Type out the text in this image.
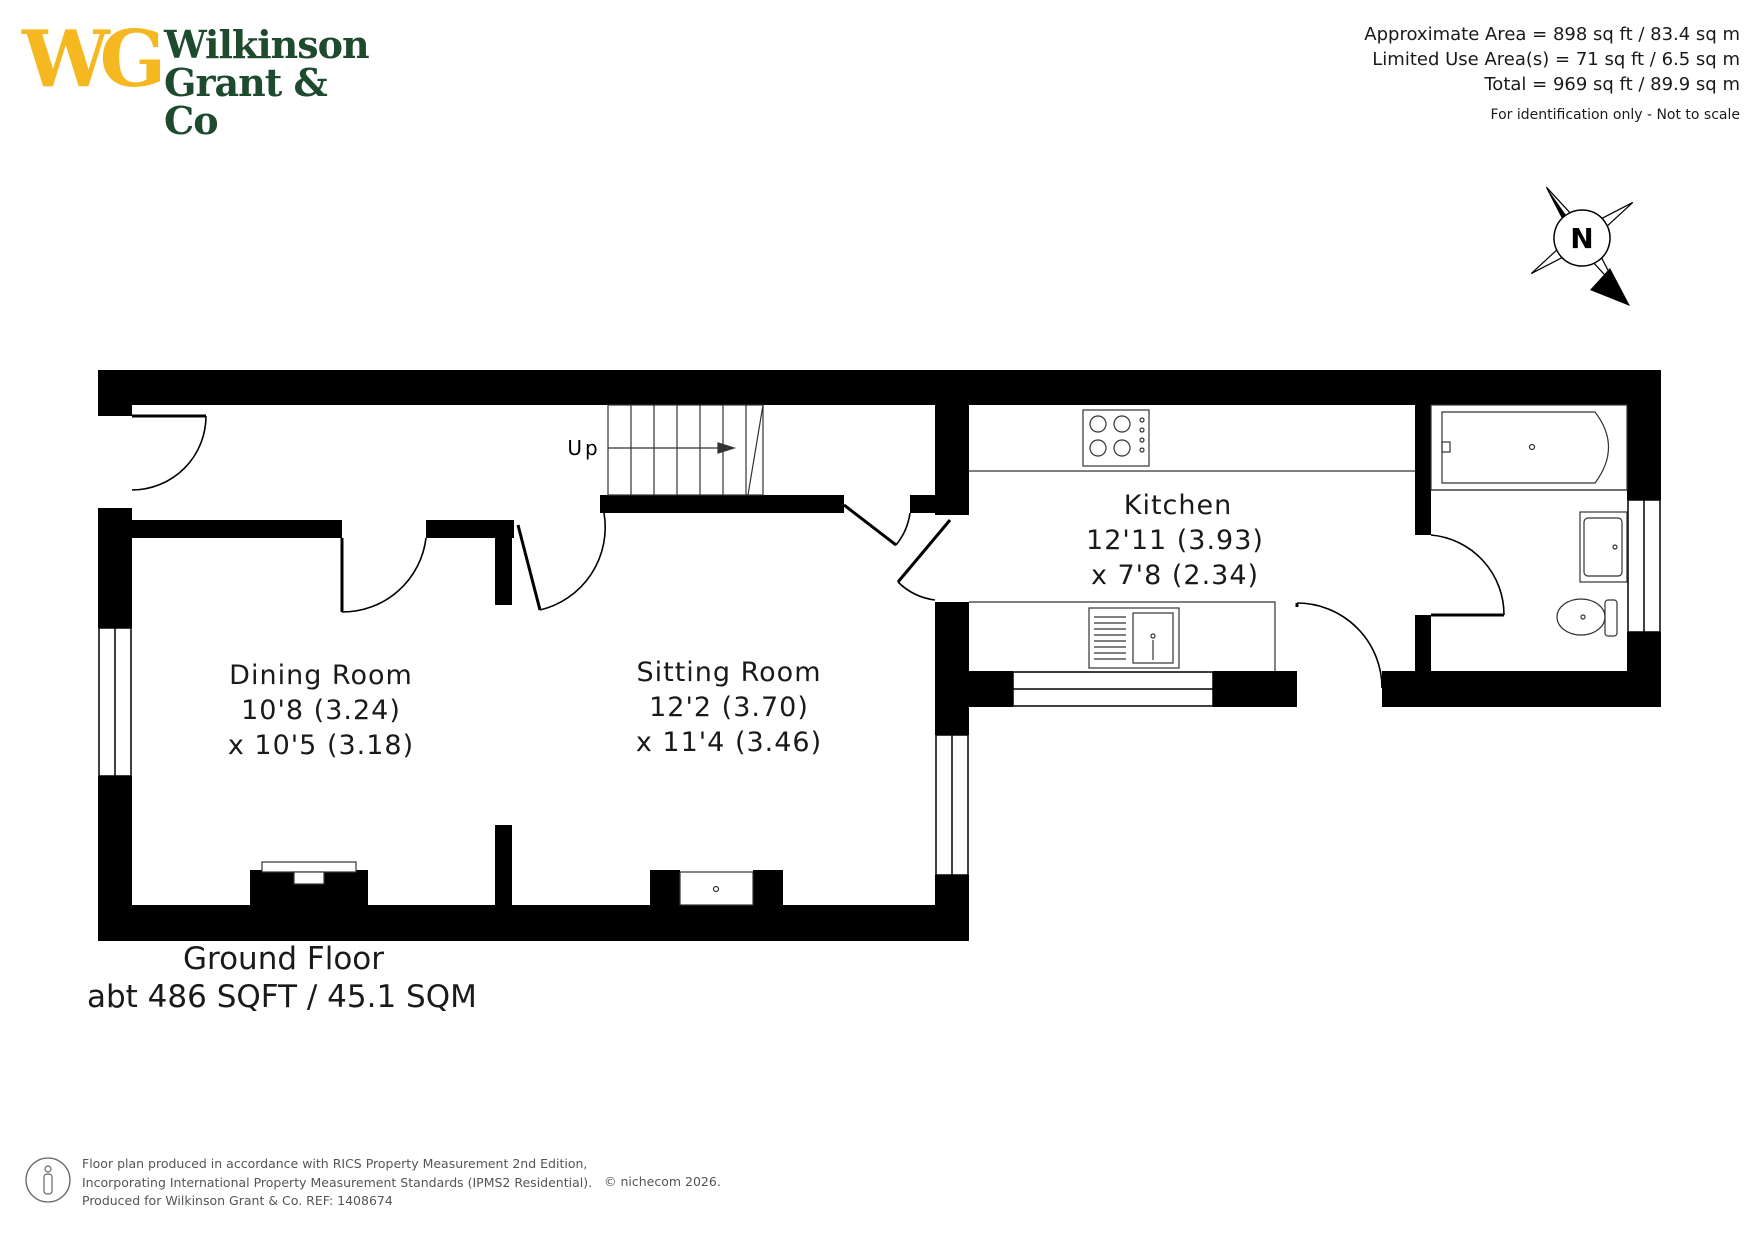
WG Wilkinson
Grant & Co
Approximate Area = 898 sq ft / 83.4 sq m
Limited Use Area(s) = 71 sq ft / 6.5 sq m
Total = 969 sq ft / 89.9 sq m
For identification only - Not to scale
N
Up
Dining Room
10'8 (3.24)
x 10'5 (3.18)
Sitting Room
12'2 (3.70)
x 11'4 (3.46)
Kitchen
12'11 (3.93)
x 7'8 (2.34)
Ground Floor
abt 486 SQFT / 45.1 SQM
Floor plan produced in accordance with RICS Property Measurement 2nd Edition,
Incorporating International Property Measurement Standards (IPMS2 Residential).
Produced for Wilkinson Grant & Co. REF: 1408674
© nichecom 2026.
